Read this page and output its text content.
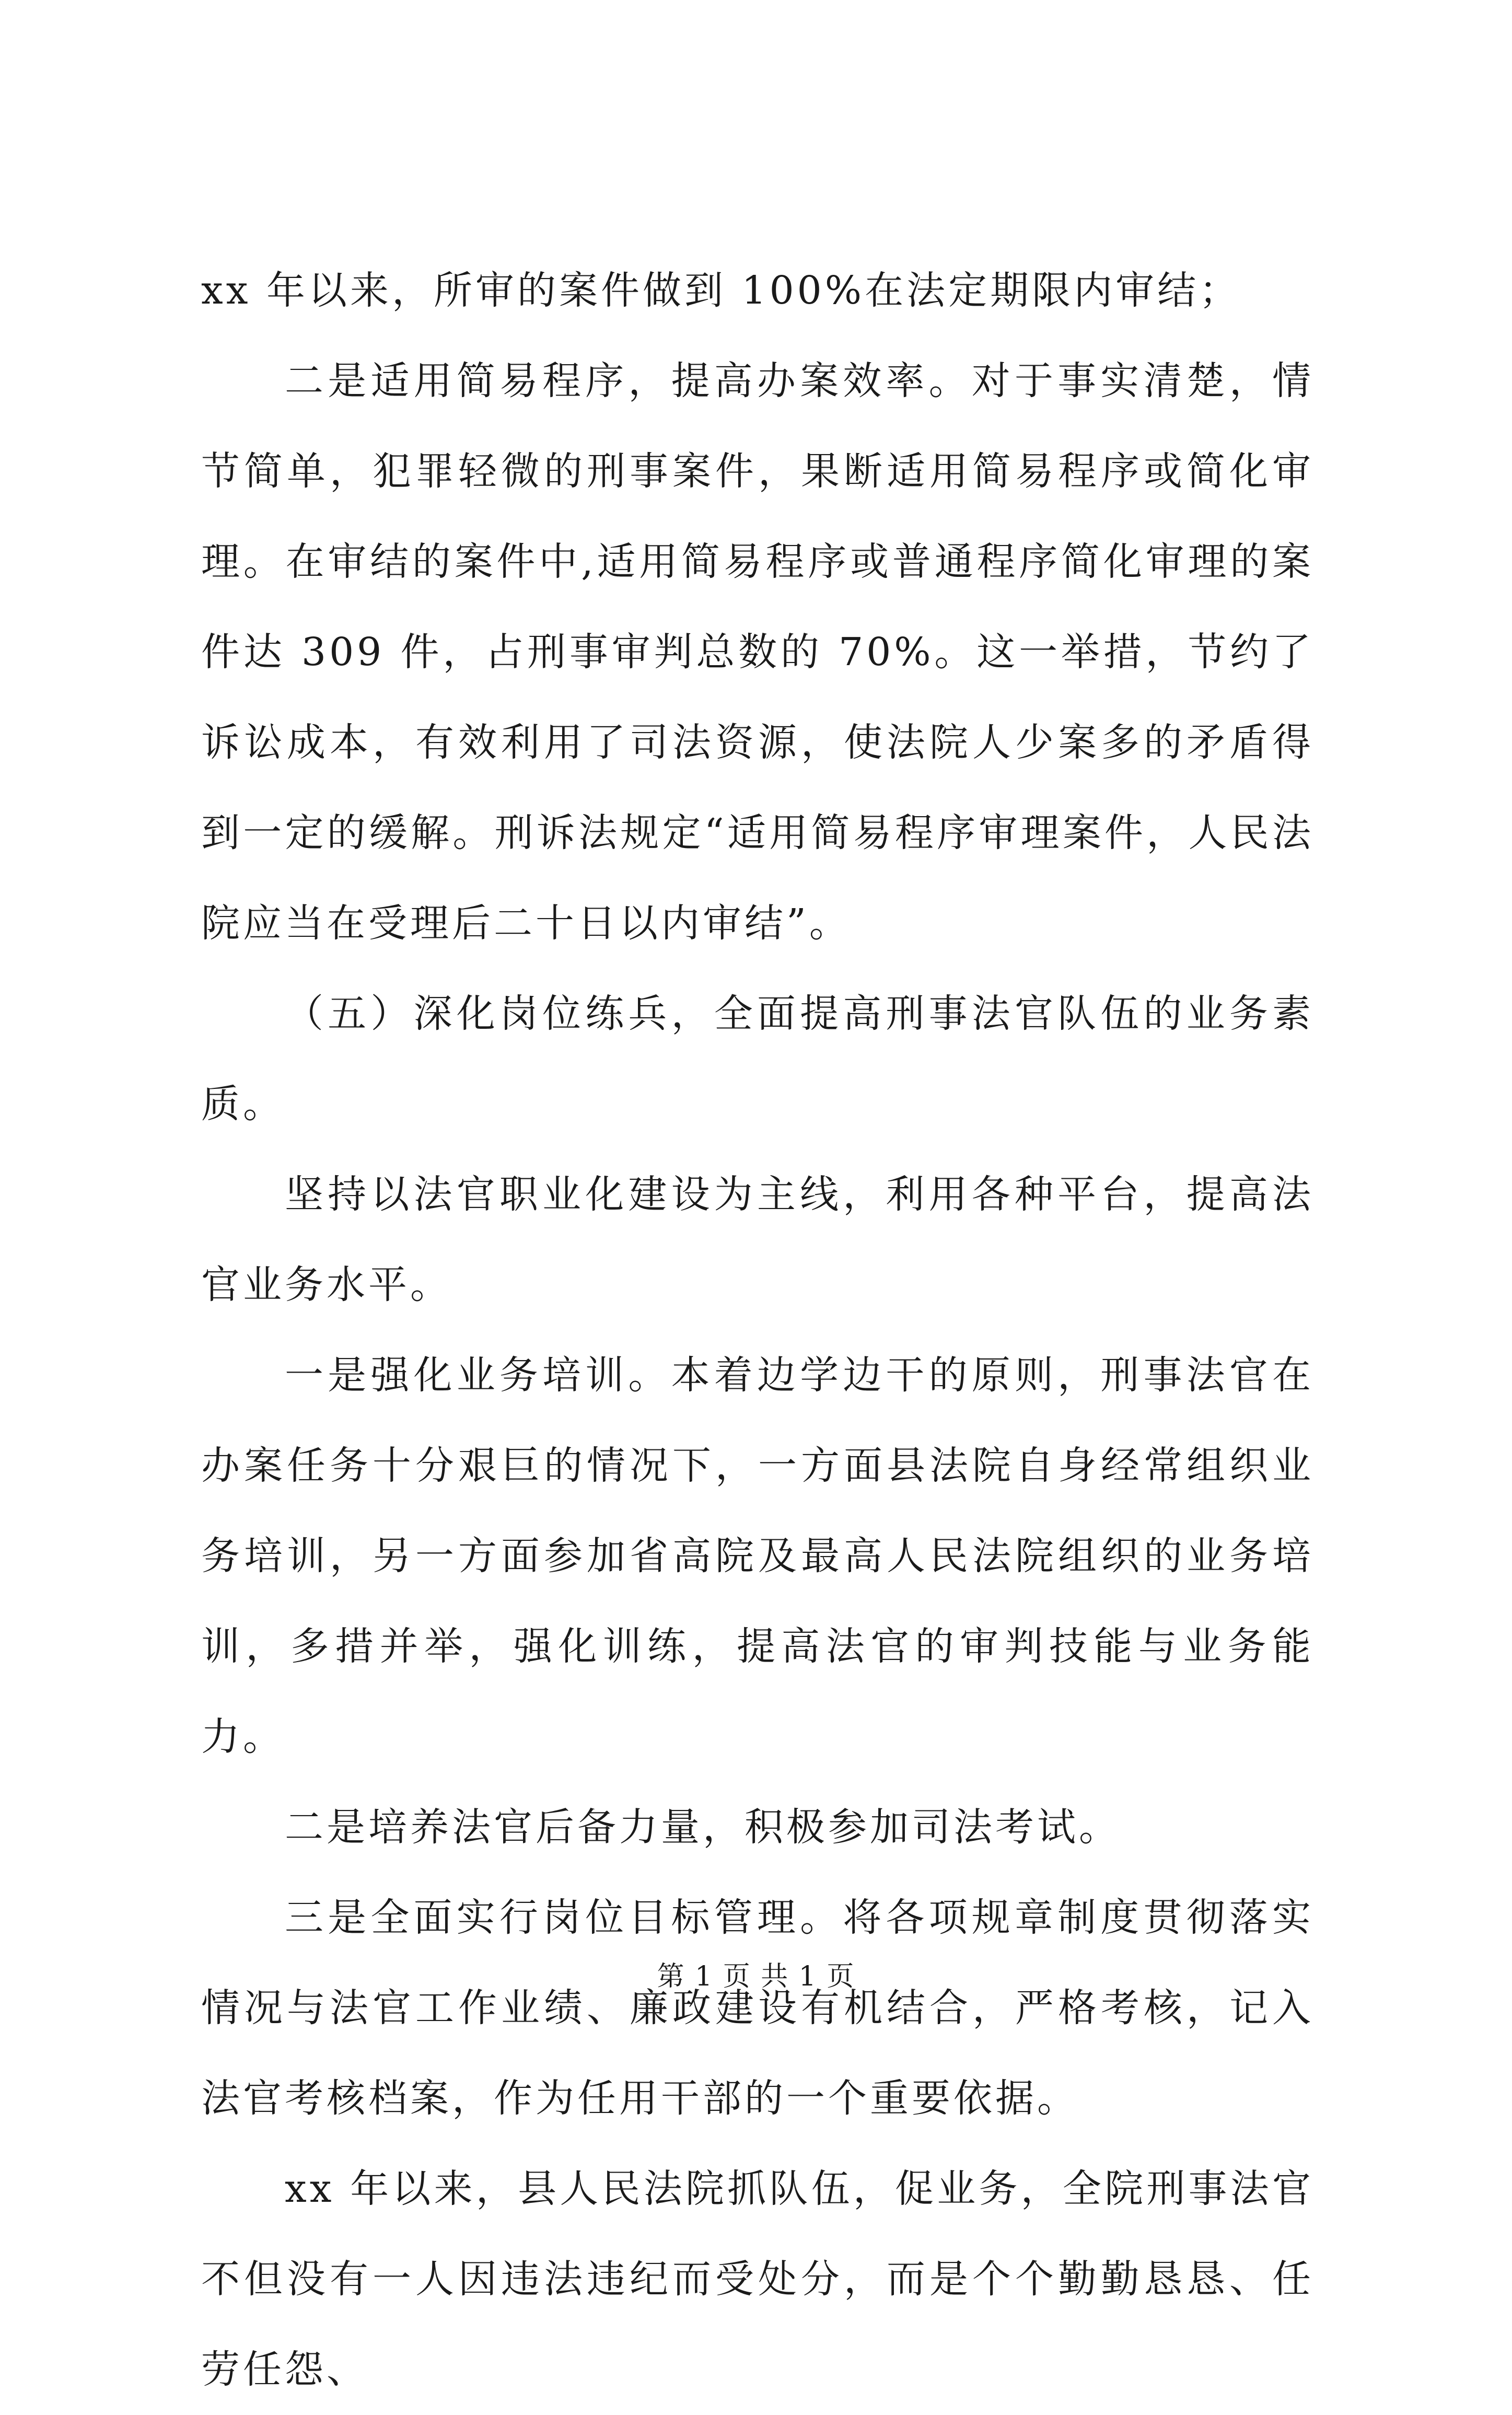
xx 年以来，所审的案件做到 100%在法定期限内审结；

二是适用简易程序，提高办案效率。对于事实清楚，情节简单，犯罪轻微的刑事案件，果断适用简易程序或简化审理。在审结的案件中,适用简易程序或普通程序简化审理的案件达 309 件，占刑事审判总数的 70%。这一举措，节约了诉讼成本，有效利用了司法资源，使法院人少案多的矛盾得到一定的缓解。刑诉法规定“适用简易程序审理案件，人民法院应当在受理后二十日以内审结”。

（五）深化岗位练兵，全面提高刑事法官队伍的业务素质。

坚持以法官职业化建设为主线，利用各种平台，提高法官业务水平。

一是强化业务培训。本着边学边干的原则，刑事法官在办案任务十分艰巨的情况下，一方面县法院自身经常组织业务培训，另一方面参加省高院及最高人民法院组织的业务培训，多措并举，强化训练，提高法官的审判技能与业务能力。

二是培养法官后备力量，积极参加司法考试。

三是全面实行岗位目标管理。将各项规章制度贯彻落实情况与法官工作业绩、廉政建设有机结合，严格考核，记入法官考核档案，作为任用干部的一个重要依据。

xx 年以来，县人民法院抓队伍，促业务，全院刑事法官不但没有一人因违法违纪而受处分，而是个个勤勤恳恳、任劳任怨、

第 1 页 共 1 页
